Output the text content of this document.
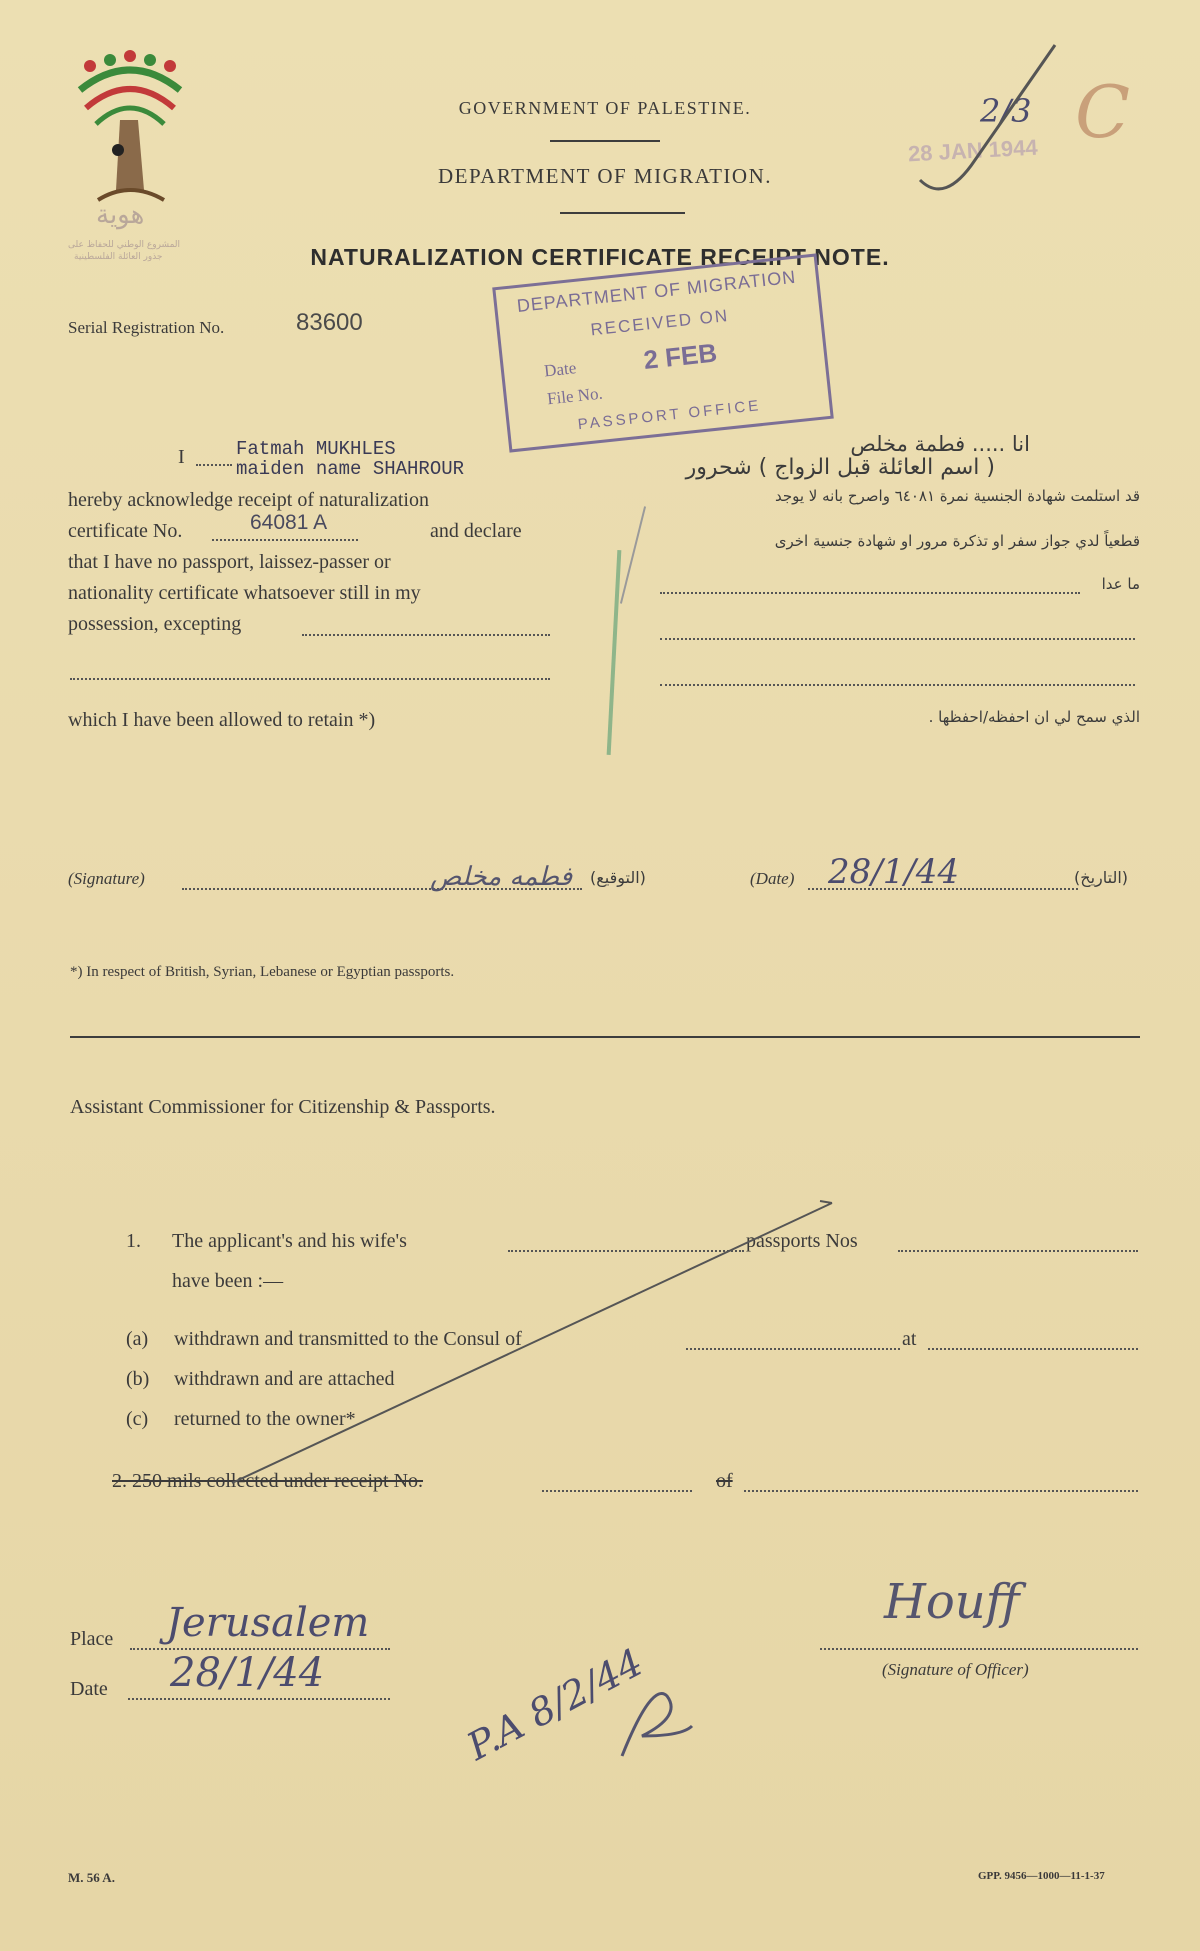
هوية
المشروع الوطني للحفاظ على
جذور العائلة الفلسطينية
GOVERNMENT OF PALESTINE.
DEPARTMENT OF MIGRATION.
NATURALIZATION CERTIFICATE RECEIPT NOTE.
2/3 C
28 JAN 1944
Serial Registration No.	83600
DEPARTMENT OF MIGRATION
RECEIVED ON
Date 2 FEB
File No.
PASSPORT OFFICE
I	Fatmah MUKHLES
maiden name SHAHROUR
hereby acknowledge receipt of naturalization
certificate No.	64081 A	and declare
that I have no passport, laissez-passer or
nationality certificate whatsoever still in my
possession, excepting
which I have been allowed to retain *)
انا ..... فطمة مخلص
( اسم العائلة قبل الزواج ) شحرور
قد استلمت شهادة الجنسية نمرة ٦٤٠٨١ واصرح بانه لا يوجد
قطعياً لدي جواز سفر او تذكرة مرور او شهادة جنسية اخرى
ما عدا
الذي سمح لي ان احفظه/احفظها .
(Signature)	فطمه مخلص (التوقيع)	(Date) 28/1/44	(التاريخ)
*) In respect of British, Syrian, Lebanese or Egyptian passports.
Assistant Commissioner for Citizenship & Passports.
1. The applicant's and his wife's	passports Nos
have been :—
(a) withdrawn and transmitted to the Consul of	at
(b) withdrawn and are attached
(c) returned to the owner*
2. 250 mils collected under receipt No.	of
Place Jerusalem
Date 28/1/44
Houff
(Signature of Officer)
P.A 8/2/44
M. 56 A.	GPP. 9456—1000—11-1-37
